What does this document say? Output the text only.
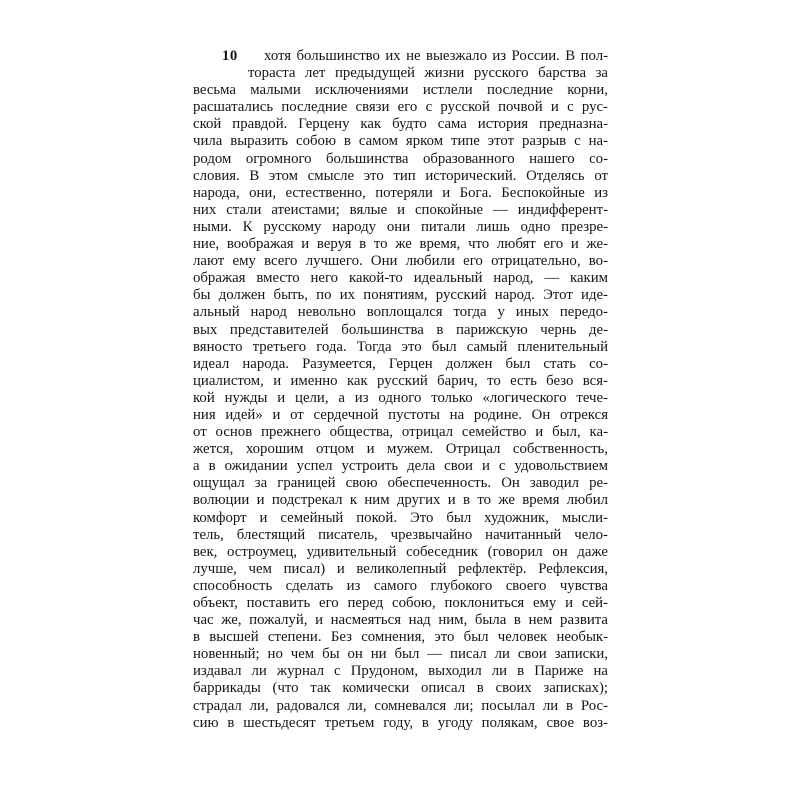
10 хотя большинство их не выезжало из России. В пол-
тораста лет предыдущей жизни русского барства за
весьма малыми исключениями истлели последние корни,
расшатались последние связи его с русской почвой и с рус-
ской правдой. Герцену как будто сама история предназна-
чила выразить собою в самом ярком типе этот разрыв с на-
родом огромного большинства образованного нашего со-
словия. В этом смысле это тип исторический. Отделясь от
народа, они, естественно, потеряли и Бога. Беспокойные из
них стали атеистами; вялые и спокойные — индифферент-
ными. К русскому народу они питали лишь одно презре-
ние, воображая и веруя в то же время, что любят его и же-
лают ему всего лучшего. Они любили его отрицательно, во-
ображая вместо него какой-то идеальный народ, — каким
бы должен быть, по их понятиям, русский народ. Этот иде-
альный народ невольно воплощался тогда у иных передо-
вых представителей большинства в парижскую чернь де-
вяносто третьего года. Тогда это был самый пленительный
идеал народа. Разумеется, Герцен должен был стать со-
циалистом, и именно как русский барич, то есть безо вся-
кой нужды и цели, а из одного только «логического тече-
ния идей» и от сердечной пустоты на родине. Он отрекся
от основ прежнего общества, отрицал семейство и был, ка-
жется, хорошим отцом и мужем. Отрицал собственность,
а в ожидании успел устроить дела свои и с удовольствием
ощущал за границей свою обеспеченность. Он заводил ре-
волюции и подстрекал к ним других и в то же время любил
комфорт и семейный покой. Это был художник, мысли-
тель, блестящий писатель, чрезвычайно начитанный чело-
век, остроумец, удивительный собеседник (говорил он даже
лучше, чем писал) и великолепный рефлектёр. Рефлексия,
способность сделать из самого глубокого своего чувства
объект, поставить его перед собою, поклониться ему и сей-
час же, пожалуй, и насмеяться над ним, была в нем развита
в высшей степени. Без сомнения, это был человек необык-
новенный; но чем бы он ни был — писал ли свои записки,
издавал ли журнал с Прудоном, выходил ли в Париже на
баррикады (что так комически описал в своих записках);
страдал ли, радовался ли, сомневался ли; посылал ли в Рос-
сию в шестьдесят третьем году, в угоду полякам, свое воз-
